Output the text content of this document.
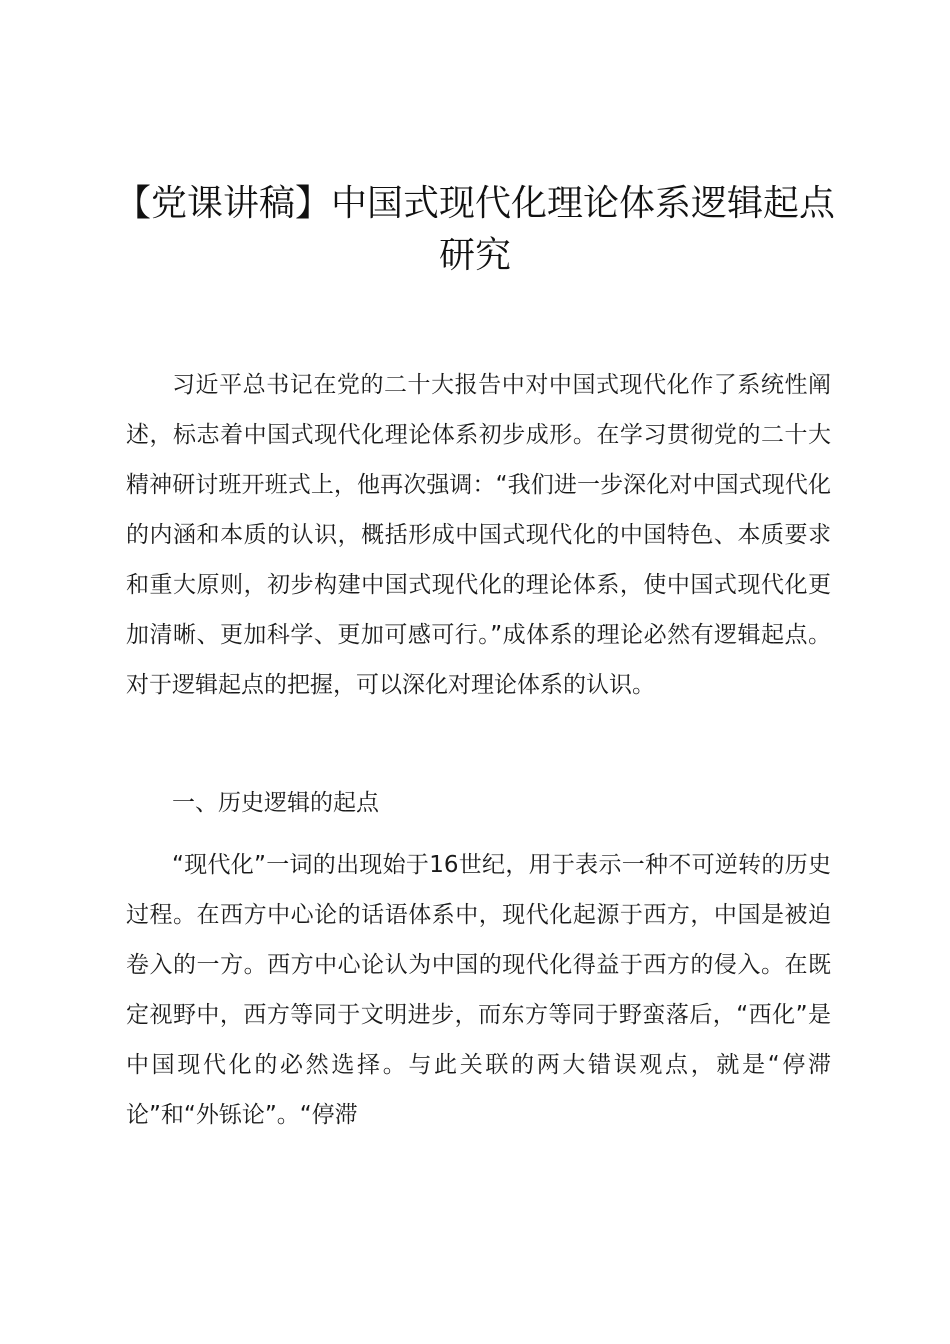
【党课讲稿】中国式现代化理论体系逻辑起点研究

习近平总书记在党的二十大报告中对中国式现代化作了系统性阐述，标志着中国式现代化理论体系初步成形。在学习贯彻党的二十大精神研讨班开班式上，他再次强调：“我们进一步深化对中国式现代化的内涵和本质的认识，概括形成中国式现代化的中国特色、本质要求和重大原则，初步构建中国式现代化的理论体系，使中国式现代化更加清晰、更加科学、更加可感可行。”成体系的理论必然有逻辑起点。对于逻辑起点的把握，可以深化对理论体系的认识。

一、历史逻辑的起点

“现代化”一词的出现始于16世纪，用于表示一种不可逆转的历史过程。在西方中心论的话语体系中，现代化起源于西方，中国是被迫卷入的一方。西方中心论认为中国的现代化得益于西方的侵入。在既定视野中，西方等同于文明进步，而东方等同于野蛮落后，“西化”是中国现代化的必然选择。与此关联的两大错误观点，就是“停滞论”和“外铄论”。“停滞
